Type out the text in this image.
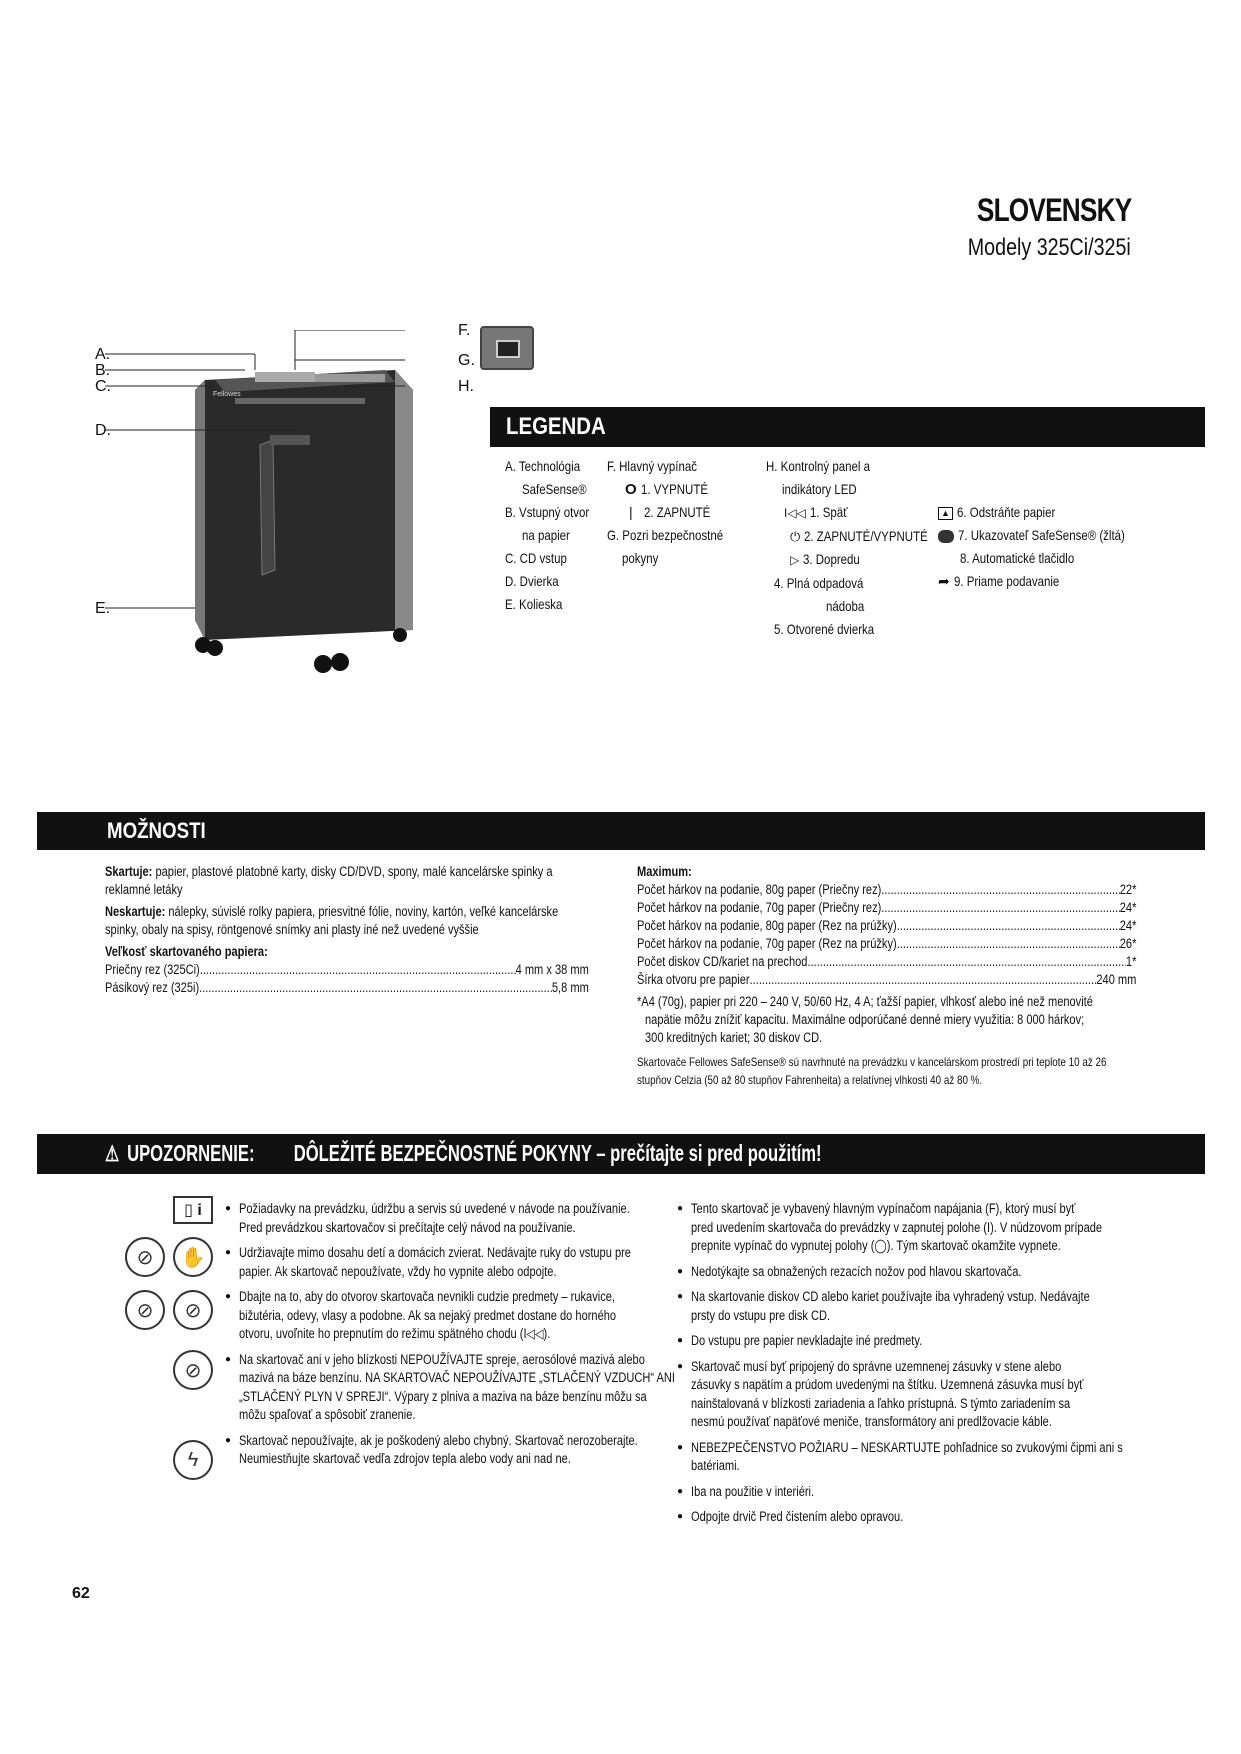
SLOVENSKY
Modely 325Ci/325i
Fellowes
A.
B.
C.
D.
E.
F.
G.
H.
LEGENDA
A. Technológia
SafeSense®
B. Vstupný otvor
na papier
C. CD vstup
D. Dvierka
E. Kolieska
F. Hlavný vypínač
O 1. VYPNUTÉ
| 2. ZAPNUTÉ
G. Pozri bezpečnostné
pokyny
H. Kontrolný panel a
indikátory LED
I◁◁ 1. Späť
⏻ 2. ZAPNUTÉ/VYPNUTÉ
▷ 3. Dopredu
4. Plná odpadová
nádoba
5. Otvorené dvierka
▲ 6. Odstráňte papier
7. Ukazovateľ SafeSense® (žltá)
8. Automatické tlačidlo
➦ 9. Priame podavanie
MOŽNOSTI
Skartuje: papier, plastové platobné karty, disky CD/DVD, spony, malé kancelárske spinky a
reklamné letáky
Neskartuje: nálepky, súvislé rolky papiera, priesvitné fólie, noviny, kartón, veľké kancelárske
spinky, obaly na spisy, röntgenové snímky ani plasty iné než uvedené vyššie
Veľkosť skartovaného papiera:
Priečny rez (325Ci) .....	4 mm x 38 mm
Pásikový rez (325i) .....	5,8 mm
Maximum:
Počet hárkov na podanie, 80g paper (Priečny rez) .....	22*
Počet hárkov na podanie, 70g paper (Priečny rez) .....	24*
Počet hárkov na podanie, 80g paper (Rez na prúžky) .....	24*
Počet hárkov na podanie, 70g paper (Rez na prúžky) .....	26*
Počet diskov CD/kariet na prechod .....	1*
Šírka otvoru pre papier .....	240 mm
*A4 (70g), papier pri 220 – 240 V, 50/60 Hz, 4 A; ťažší papier, vlhkosť alebo iné než menovité
napätie môžu znížiť kapacitu. Maximálne odporúčané denné miery využitia: 8 000 hárkov;
300 kreditných kariet; 30 diskov CD.
Skartovače Fellowes SafeSense® sú navrhnuté na prevádzku v kancelárskom prostredí pri teplote 10 až 26
stupňov Celzia (50 až 80 stupňov Fahrenheita) a relatívnej vlhkosti 40 až 80 %.
⚠ UPOZORNENIE: DÔLEŽITÉ BEZPEČNOSTNÉ POKYNY – prečítajte si pred použitím!
▯ i
⊘	✋
⊘	⊘
⊘
ϟ
● Požiadavky na prevádzku, údržbu a servis sú uvedené v návode na používanie.
Pred prevádzkou skartovačov si prečítajte celý návod na používanie.
● Udržiavajte mimo dosahu detí a domácich zvierat. Nedávajte ruky do vstupu pre
papier. Ak skartovač nepoužívate, vždy ho vypnite alebo odpojte.
● Dbajte na to, aby do otvorov skartovača nevnikli cudzie predmety – rukavice,
bižutéria, odevy, vlasy a podobne. Ak sa nejaký predmet dostane do horného
otvoru, uvoľnite ho prepnutím do režimu spätného chodu (I◁◁).
● Na skartovač ani v jeho blízkosti NEPOUŽÍVAJTE spreje, aerosólové mazivá alebo
mazivá na báze benzínu. NA SKARTOVAČ NEPOUŽÍVAJTE „STLAČENÝ VZDUCH“ ANI
„STLAČENÝ PLYN V SPREJI“. Výpary z plniva a maziva na báze benzínu môžu sa
môžu spaľovať a spôsobiť zranenie.
● Skartovač nepoužívajte, ak je poškodený alebo chybný. Skartovač nerozoberajte.
Neumiestňujte skartovač vedľa zdrojov tepla alebo vody ani nad ne.
● Tento skartovač je vybavený hlavným vypínačom napájania (F), ktorý musí byť
pred uvedením skartovača do prevádzky v zapnutej polohe (I). V núdzovom prípade
prepnite vypínač do vypnutej polohy (◯). Tým skartovač okamžite vypnete.
● Nedotýkajte sa obnažených rezacích nožov pod hlavou skartovača.
● Na skartovanie diskov CD alebo kariet používajte iba vyhradený vstup. Nedávajte
prsty do vstupu pre disk CD.
● Do vstupu pre papier nevkladajte iné predmety.
● Skartovač musí byť pripojený do správne uzemnenej zásuvky v stene alebo
zásuvky s napätím a prúdom uvedenými na štítku. Uzemnená zásuvka musí byť
nainštalovaná v blízkosti zariadenia a ľahko prístupná. S týmto zariadením sa
nesmú používať napäťové meniče, transformátory ani predlžovacie káble.
● NEBEZPEČENSTVO POŽIARU – NESKARTUJTE pohľadnice so zvukovými čipmi ani s
batériami.
● Iba na použitie v interiéri.
● Odpojte drvič Pred čistením alebo opravou.
62
